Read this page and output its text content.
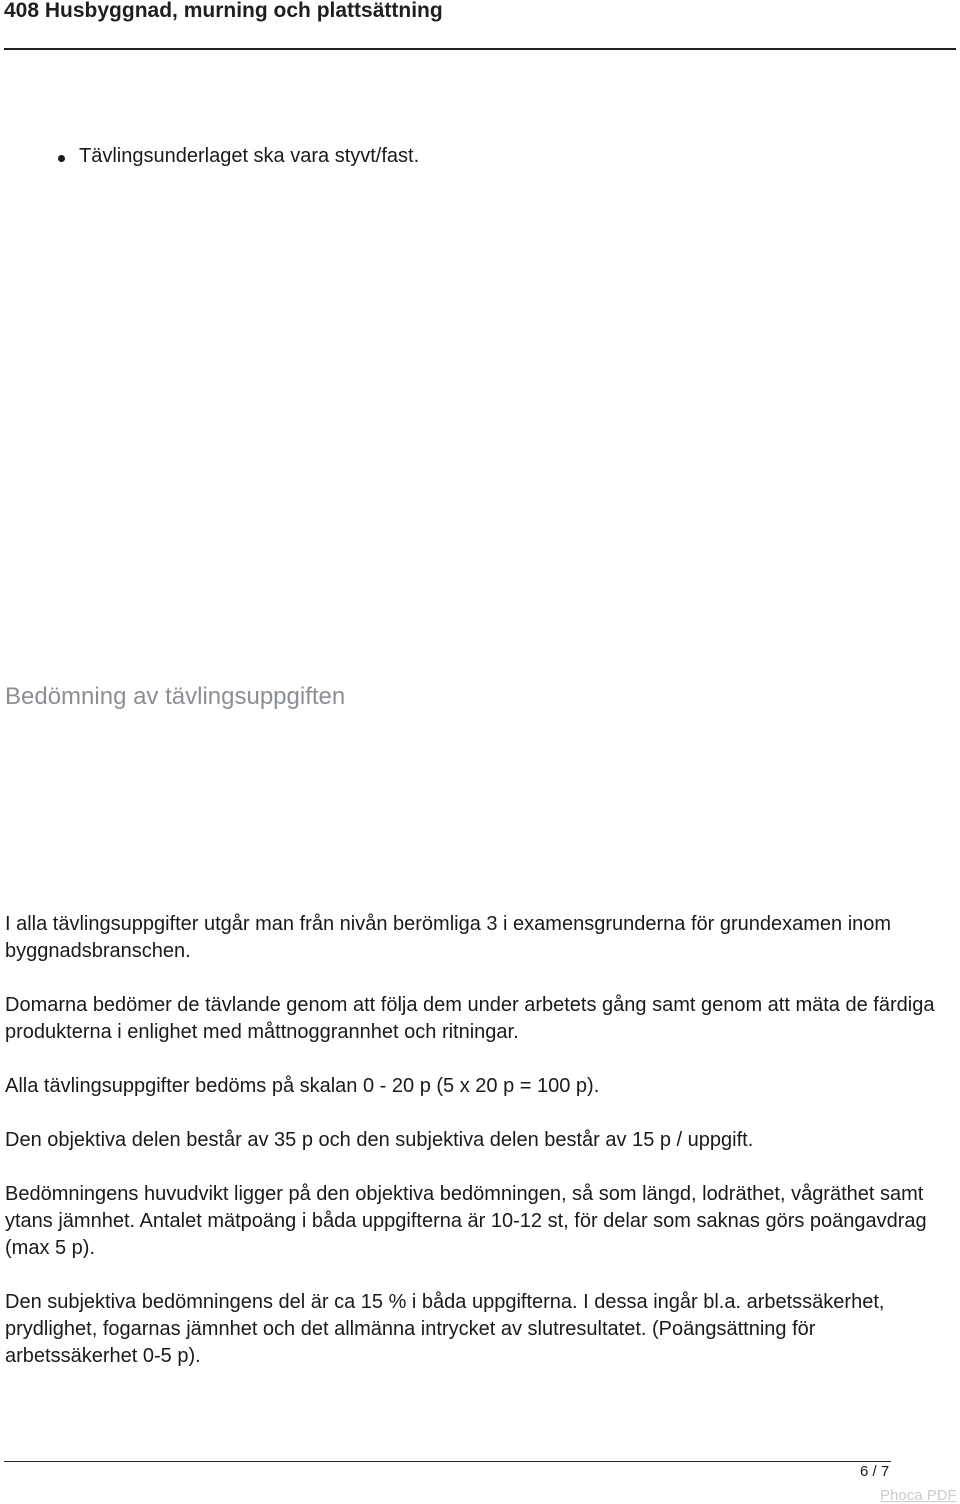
408 Husbyggnad, murning och plattsättning
Tävlingsunderlaget ska vara styvt/fast.
Bedömning av tävlingsuppgiften
I alla tävlingsuppgifter utgår man från nivån berömliga 3 i examensgrunderna för grundexamen inom byggnadsbranschen.
Domarna bedömer de tävlande genom att följa dem under arbetets gång samt genom att mäta de färdiga produkterna i enlighet med måttnoggrannhet och ritningar.
Alla tävlingsuppgifter bedöms på skalan 0 - 20 p (5 x 20 p = 100 p).
Den objektiva delen består av 35 p och den subjektiva delen består av 15 p / uppgift.
Bedömningens huvudvikt ligger på den objektiva bedömningen, så som längd, lodräthet, vågräthet samt ytans jämnhet. Antalet mätpoäng i båda uppgifterna är 10-12 st, för delar som saknas görs poängavdrag (max 5 p).
Den subjektiva bedömningens del är ca 15 % i båda uppgifterna. I dessa ingår bl.a. arbetssäkerhet, prydlighet, fogarnas jämnhet och det allmänna intrycket av slutresultatet. (Poängsättning för arbetssäkerhet 0-5 p).
6 / 7
Phoca PDF
